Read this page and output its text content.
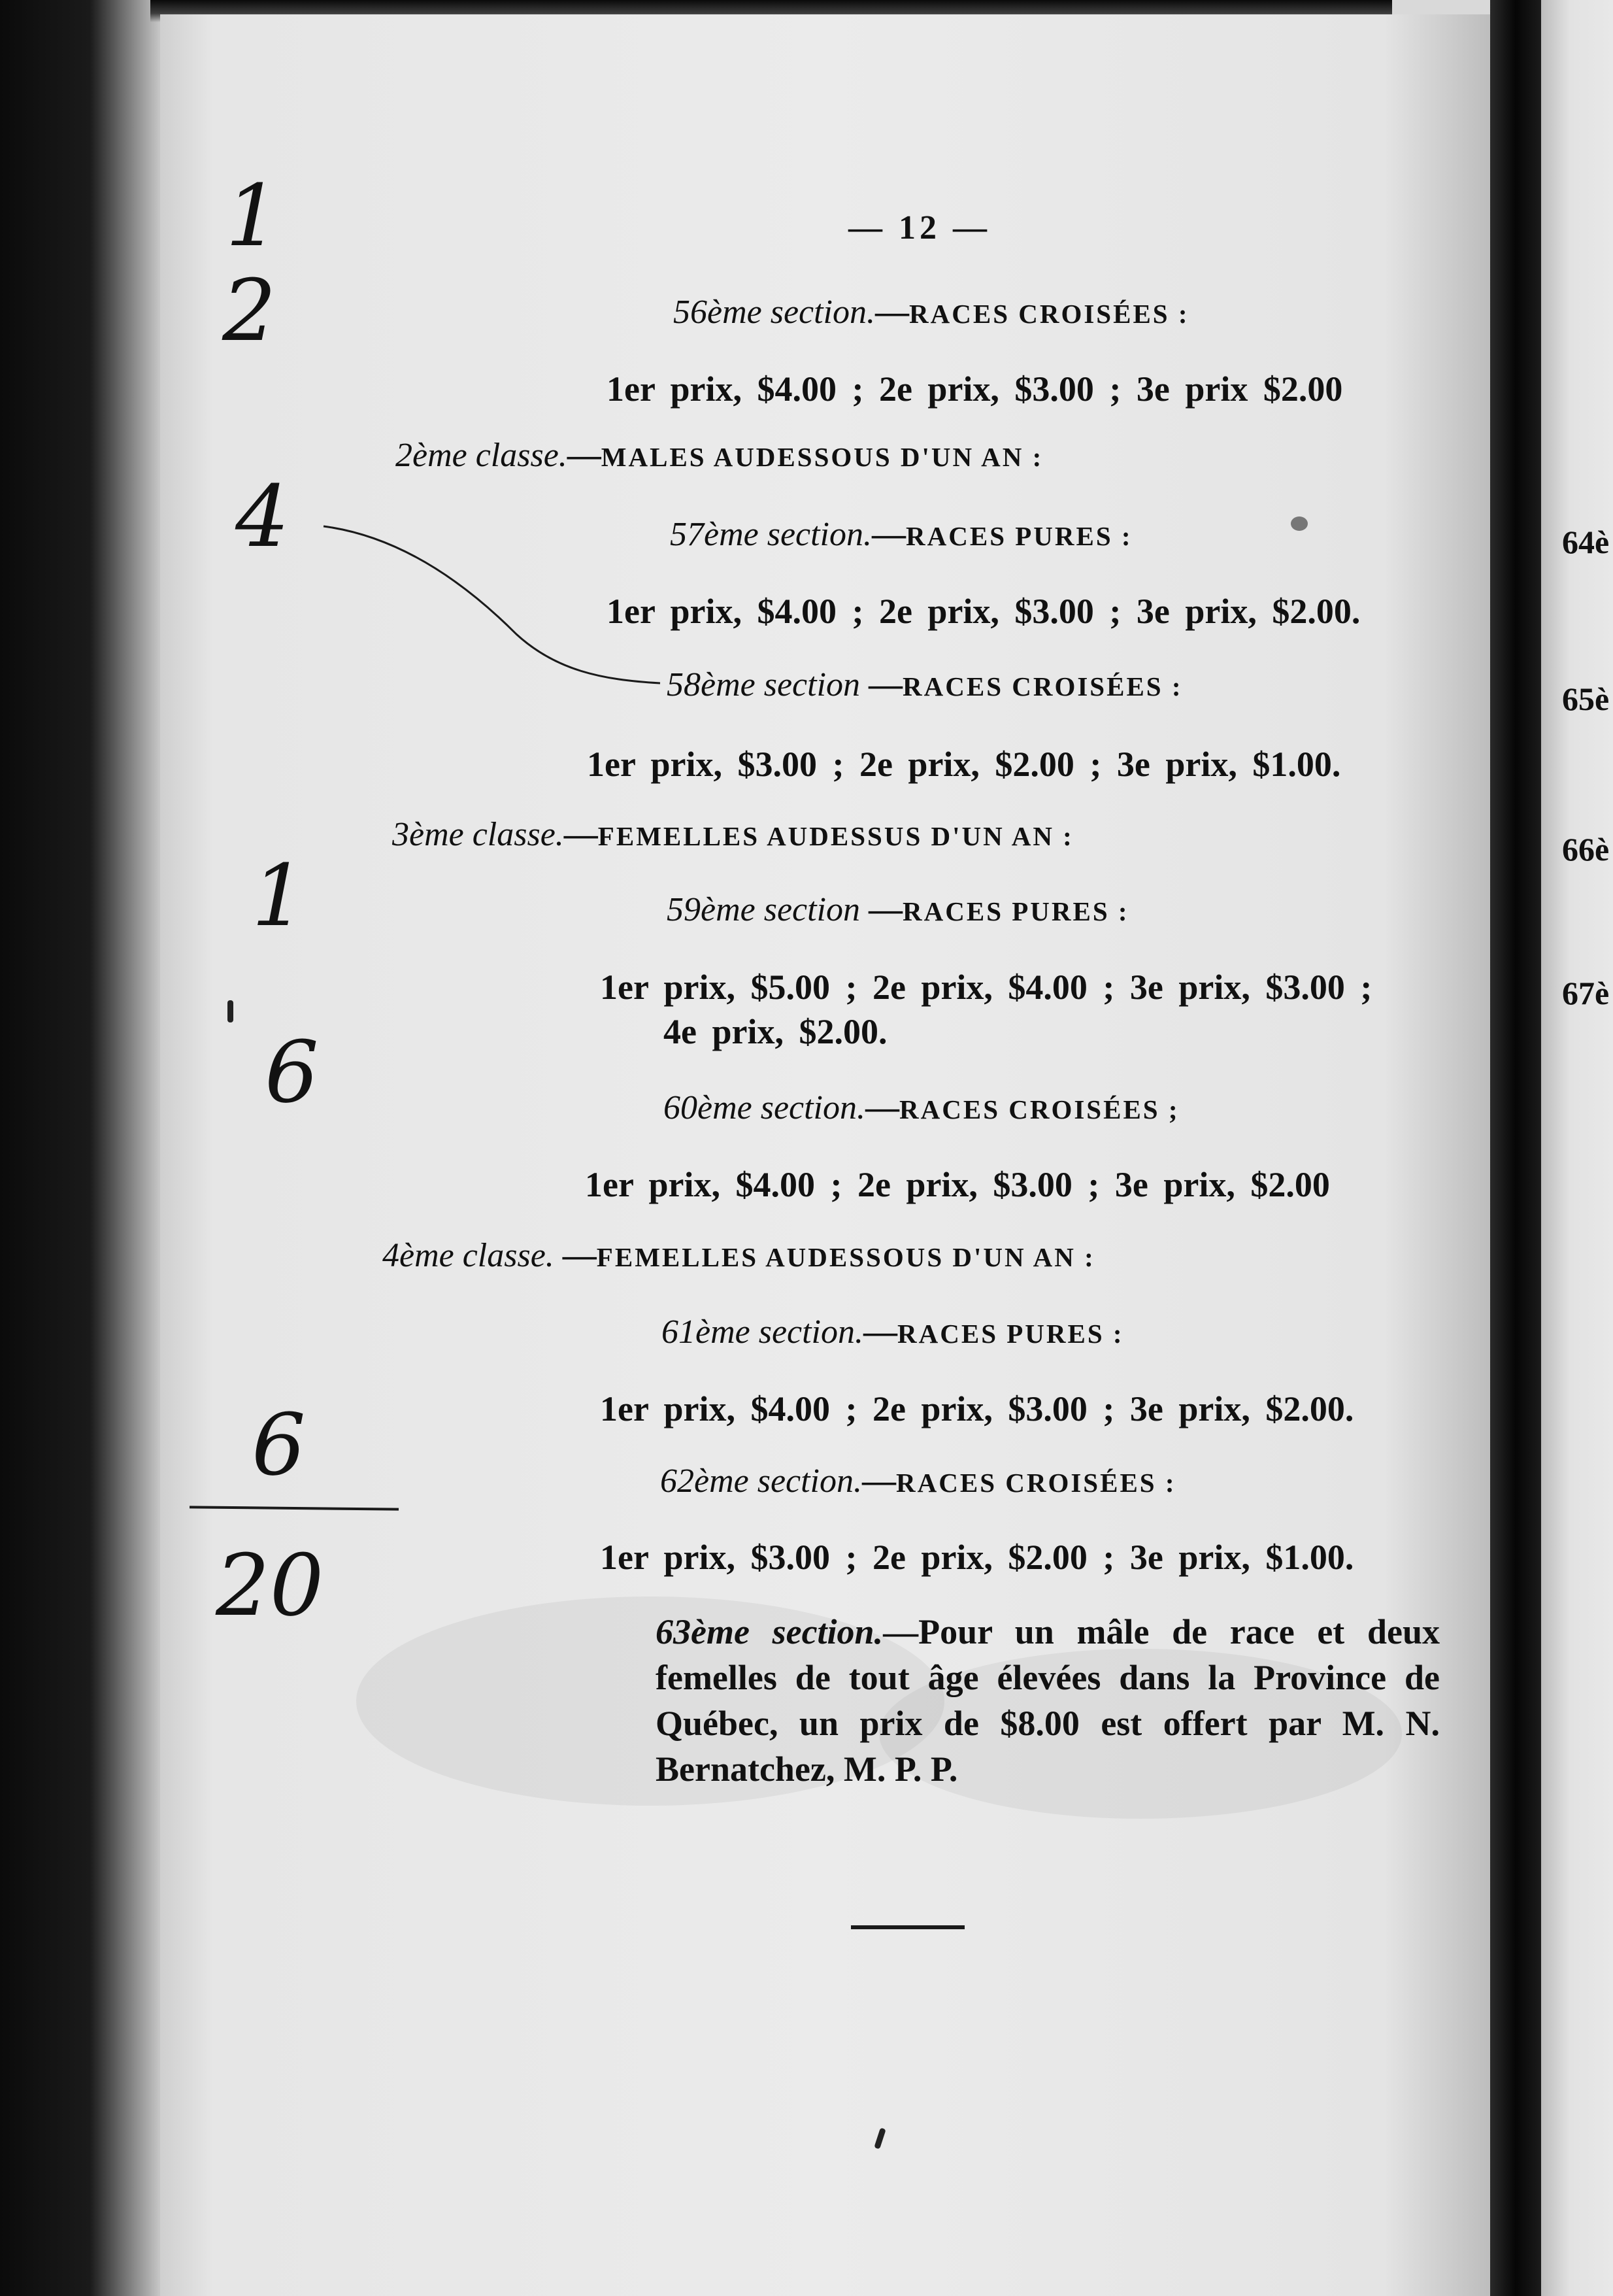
64è
65è
66è
67è
1
2
4
1
6
6
20
— 12 —
56ème section.—RACES CROISÉES :
1er prix, $4.00 ; 2e prix, $3.00 ; 3e prix $2.00
2ème classe.—MALES AUDESSOUS D'UN AN :
57ème section.—RACES PURES :
1er prix, $4.00 ; 2e prix, $3.00 ; 3e prix, $2.00.
58ème section —RACES CROISÉES :
1er prix, $3.00 ; 2e prix, $2.00 ; 3e prix, $1.00.
3ème classe.—FEMELLES AUDESSUS D'UN AN :
59ème section —RACES PURES :
1er prix, $5.00 ; 2e prix, $4.00 ; 3e prix, $3.00 ;
4e prix, $2.00.
60ème section.—RACES CROISÉES ;
1er prix, $4.00 ; 2e prix, $3.00 ; 3e prix, $2.00
4ème classe. —FEMELLES AUDESSOUS D'UN AN :
61ème section.—RACES PURES :
1er prix, $4.00 ; 2e prix, $3.00 ; 3e prix, $2.00.
62ème section.—RACES CROISÉES :
1er prix, $3.00 ; 2e prix, $2.00 ; 3e prix, $1.00.
63ème section.—Pour un mâle de race et deux femelles de tout âge élevées dans la Province de Québec, un prix de $8.00 est offert par M. N. Bernatchez, M. P. P.
